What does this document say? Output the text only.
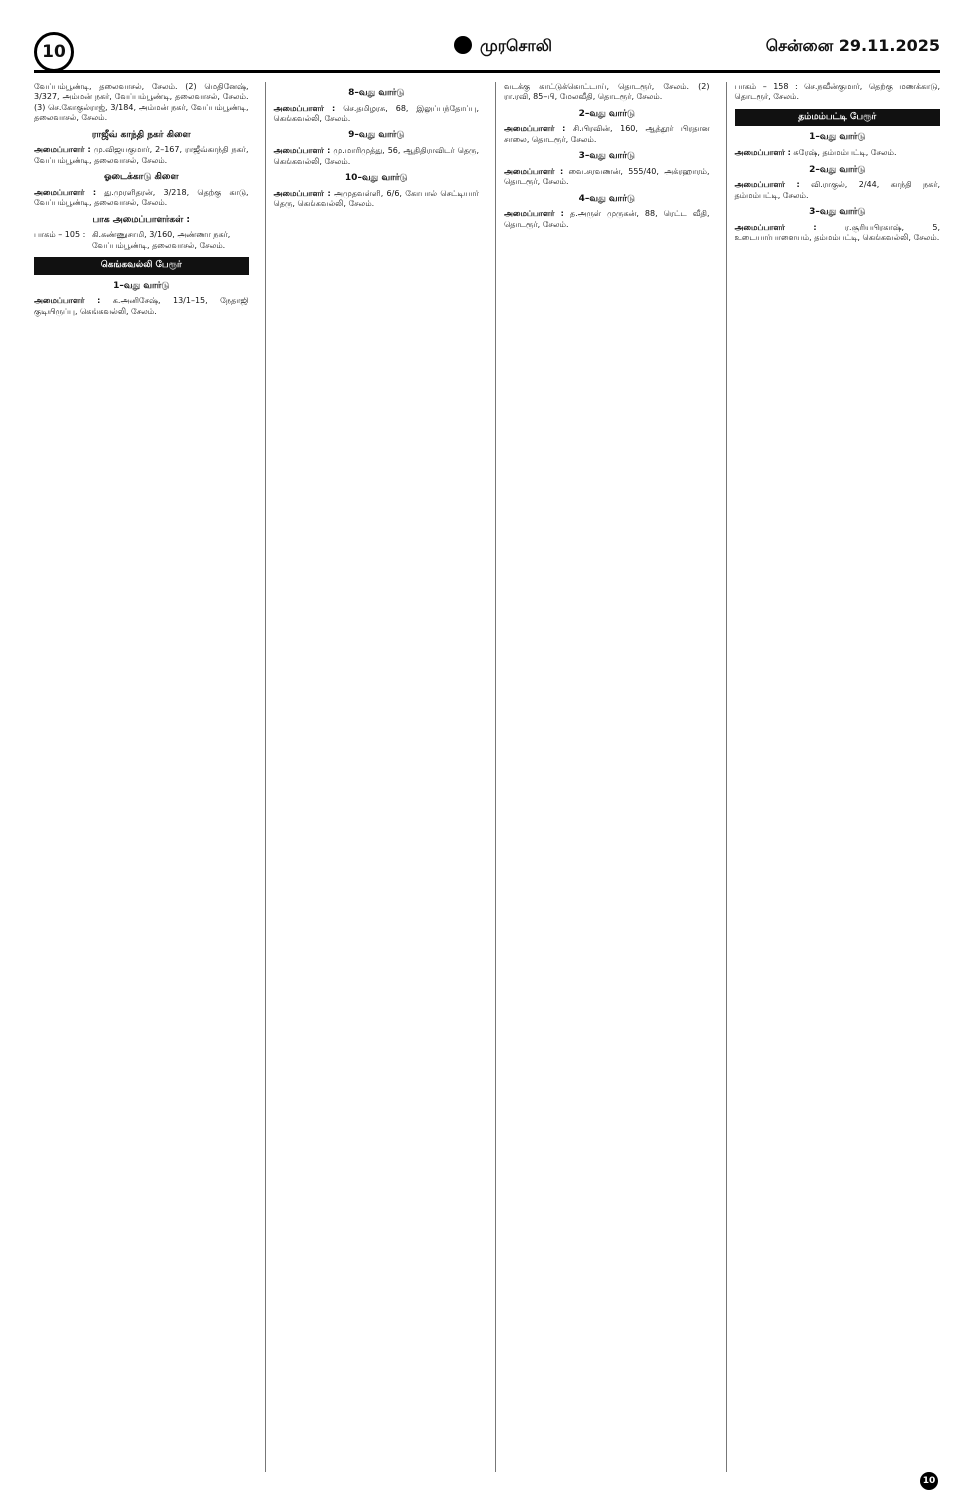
10	முரசொலி	சென்னை 29.11.2025

வேப்பம்பூண்டி, தலைவாசல், சேலம். (2) மெதினேஷ், 3/327, அம்மன் நகர், வேப்பம்பூண்டி, தலைவாசல், சேலம். (3) செ.கோகுல்ராஜ், 3/184, அம்மன் நகர், வேப்பம்பூண்டி, தலைவாசல், சேலம்.

ராஜீவ் காந்தி நகர் கிளை

அமைப்பாளர் : மு.விஜயகுமார், 2–167, ராஜீவ்காந்தி நகர், வேப்பம்பூண்டி, தலைவாசல், சேலம்.

ஓடைக்காடு கிளை

அமைப்பாளர் : து.முரளிதரன், 3/218, தெற்கு காடு, வேப்பம்பூண்டி, தலைவாசல், சேலம்.

பாக அமைப்பாளர்கள் :
பாகம் – 105 : கி.கண்ணுசாமி, 3/160, அண்ணா நகர், வேப்பம்பூண்டி, தலைவாசல், சேலம்.
கெங்கவல்லி பேரூர்
1–வது வார்டு

அமைப்பாளர் : க.அனிசேஷ், 13/1–15, நேதாஜி குடியிருப்பு, கெங்கவல்லி, சேலம்.

8–வது வார்டு

அமைப்பாளர் : செ.தமிழரசு, 68, இலுப்பந்தோப்பு, கெங்கவல்லி, சேலம்.

9–வது வார்டு

அமைப்பாளர் : மு.மாரிமுத்து, 56, ஆதிதிராவிடர் தெரு, கெங்கவல்லி, சேலம்.

10–வது வார்டு

அமைப்பாளர் : அமுதவள்ளி, 6/6, கோபால் செட்டியார் தெரு, கெங்கவல்லி, சேலம்.

வடக்கு காட்டுக்கொட்டாய், தொடரூர், சேலம். (2) ரா.ரவி, 85–பி, மேலவீதி, தொடரூர், சேலம்.

2–வது வார்டு

அமைப்பாளர் : சி.பிரவின், 160, ஆத்தூர் பிரதான சாலை, தொடரூர், சேலம்.

3–வது வார்டு

அமைப்பாளர் : வை.சரவணன், 555/40, அக்ரஹாரம், தொடரூர், சேலம்.

4–வது வார்டு

அமைப்பாளர் : த.அருள் முருகன், 88, ரெட்ட வீதி, தொடரூர், சேலம்.

பாகம் – 158 : செ.நவீன்குமார், தெற்கு மணக்காடு, தொடரூர், சேலம்.

தம்மம்பட்டி பேரூர்
1–வது வார்டு

அமைப்பாளர் : சுரேஷ், தம்மம்பட்டி, சேலம்.

2–வது வார்டு

அமைப்பாளர் : வி.ராகுல், 2/44, காந்தி நகர், தம்மம்பட்டி, சேலம்.

3–வது வார்டு

அமைப்பாளர் :	ர.சூரியபிரகாஷ், 5, உடையார்பாளையம், தம்மம்பட்டி, கெங்கவல்லி, சேலம்.

10
